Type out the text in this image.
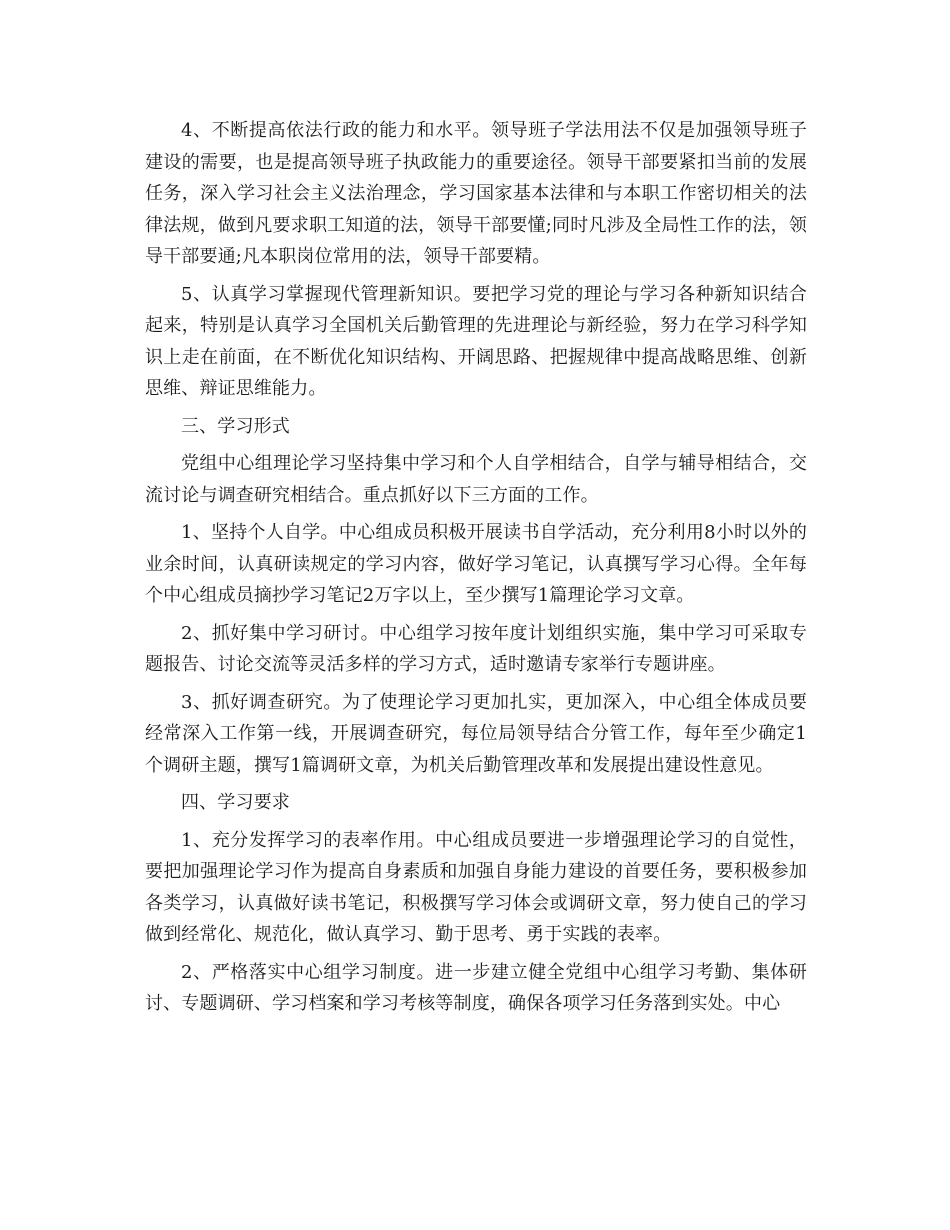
4、不断提高依法行政的能力和水平。领导班子学法用法不仅是加强领导班子建设的需要，也是提高领导班子执政能力的重要途径。领导干部要紧扣当前的发展任务，深入学习社会主义法治理念，学习国家基本法律和与本职工作密切相关的法律法规，做到凡要求职工知道的法，领导干部要懂;同时凡涉及全局性工作的法，领导干部要通;凡本职岗位常用的法，领导干部要精。

5、认真学习掌握现代管理新知识。要把学习党的理论与学习各种新知识结合起来，特别是认真学习全国机关后勤管理的先进理论与新经验，努力在学习科学知识上走在前面，在不断优化知识结构、开阔思路、把握规律中提高战略思维、创新思维、辩证思维能力。

三、学习形式

党组中心组理论学习坚持集中学习和个人自学相结合，自学与辅导相结合，交流讨论与调查研究相结合。重点抓好以下三方面的工作。

1、坚持个人自学。中心组成员积极开展读书自学活动，充分利用8小时以外的业余时间，认真研读规定的学习内容，做好学习笔记，认真撰写学习心得。全年每个中心组成员摘抄学习笔记2万字以上，至少撰写1篇理论学习文章。

2、抓好集中学习研讨。中心组学习按年度计划组织实施，集中学习可采取专题报告、讨论交流等灵活多样的学习方式，适时邀请专家举行专题讲座。

3、抓好调查研究。为了使理论学习更加扎实，更加深入，中心组全体成员要经常深入工作第一线，开展调查研究，每位局领导结合分管工作，每年至少确定1个调研主题，撰写1篇调研文章，为机关后勤管理改革和发展提出建设性意见。

四、学习要求

1、充分发挥学习的表率作用。中心组成员要进一步增强理论学习的自觉性，要把加强理论学习作为提高自身素质和加强自身能力建设的首要任务，要积极参加各类学习，认真做好读书笔记，积极撰写学习体会或调研文章，努力使自己的学习做到经常化、规范化，做认真学习、勤于思考、勇于实践的表率。

2、严格落实中心组学习制度。进一步建立健全党组中心组学习考勤、集体研讨、专题调研、学习档案和学习考核等制度，确保各项学习任务落到实处。中心
